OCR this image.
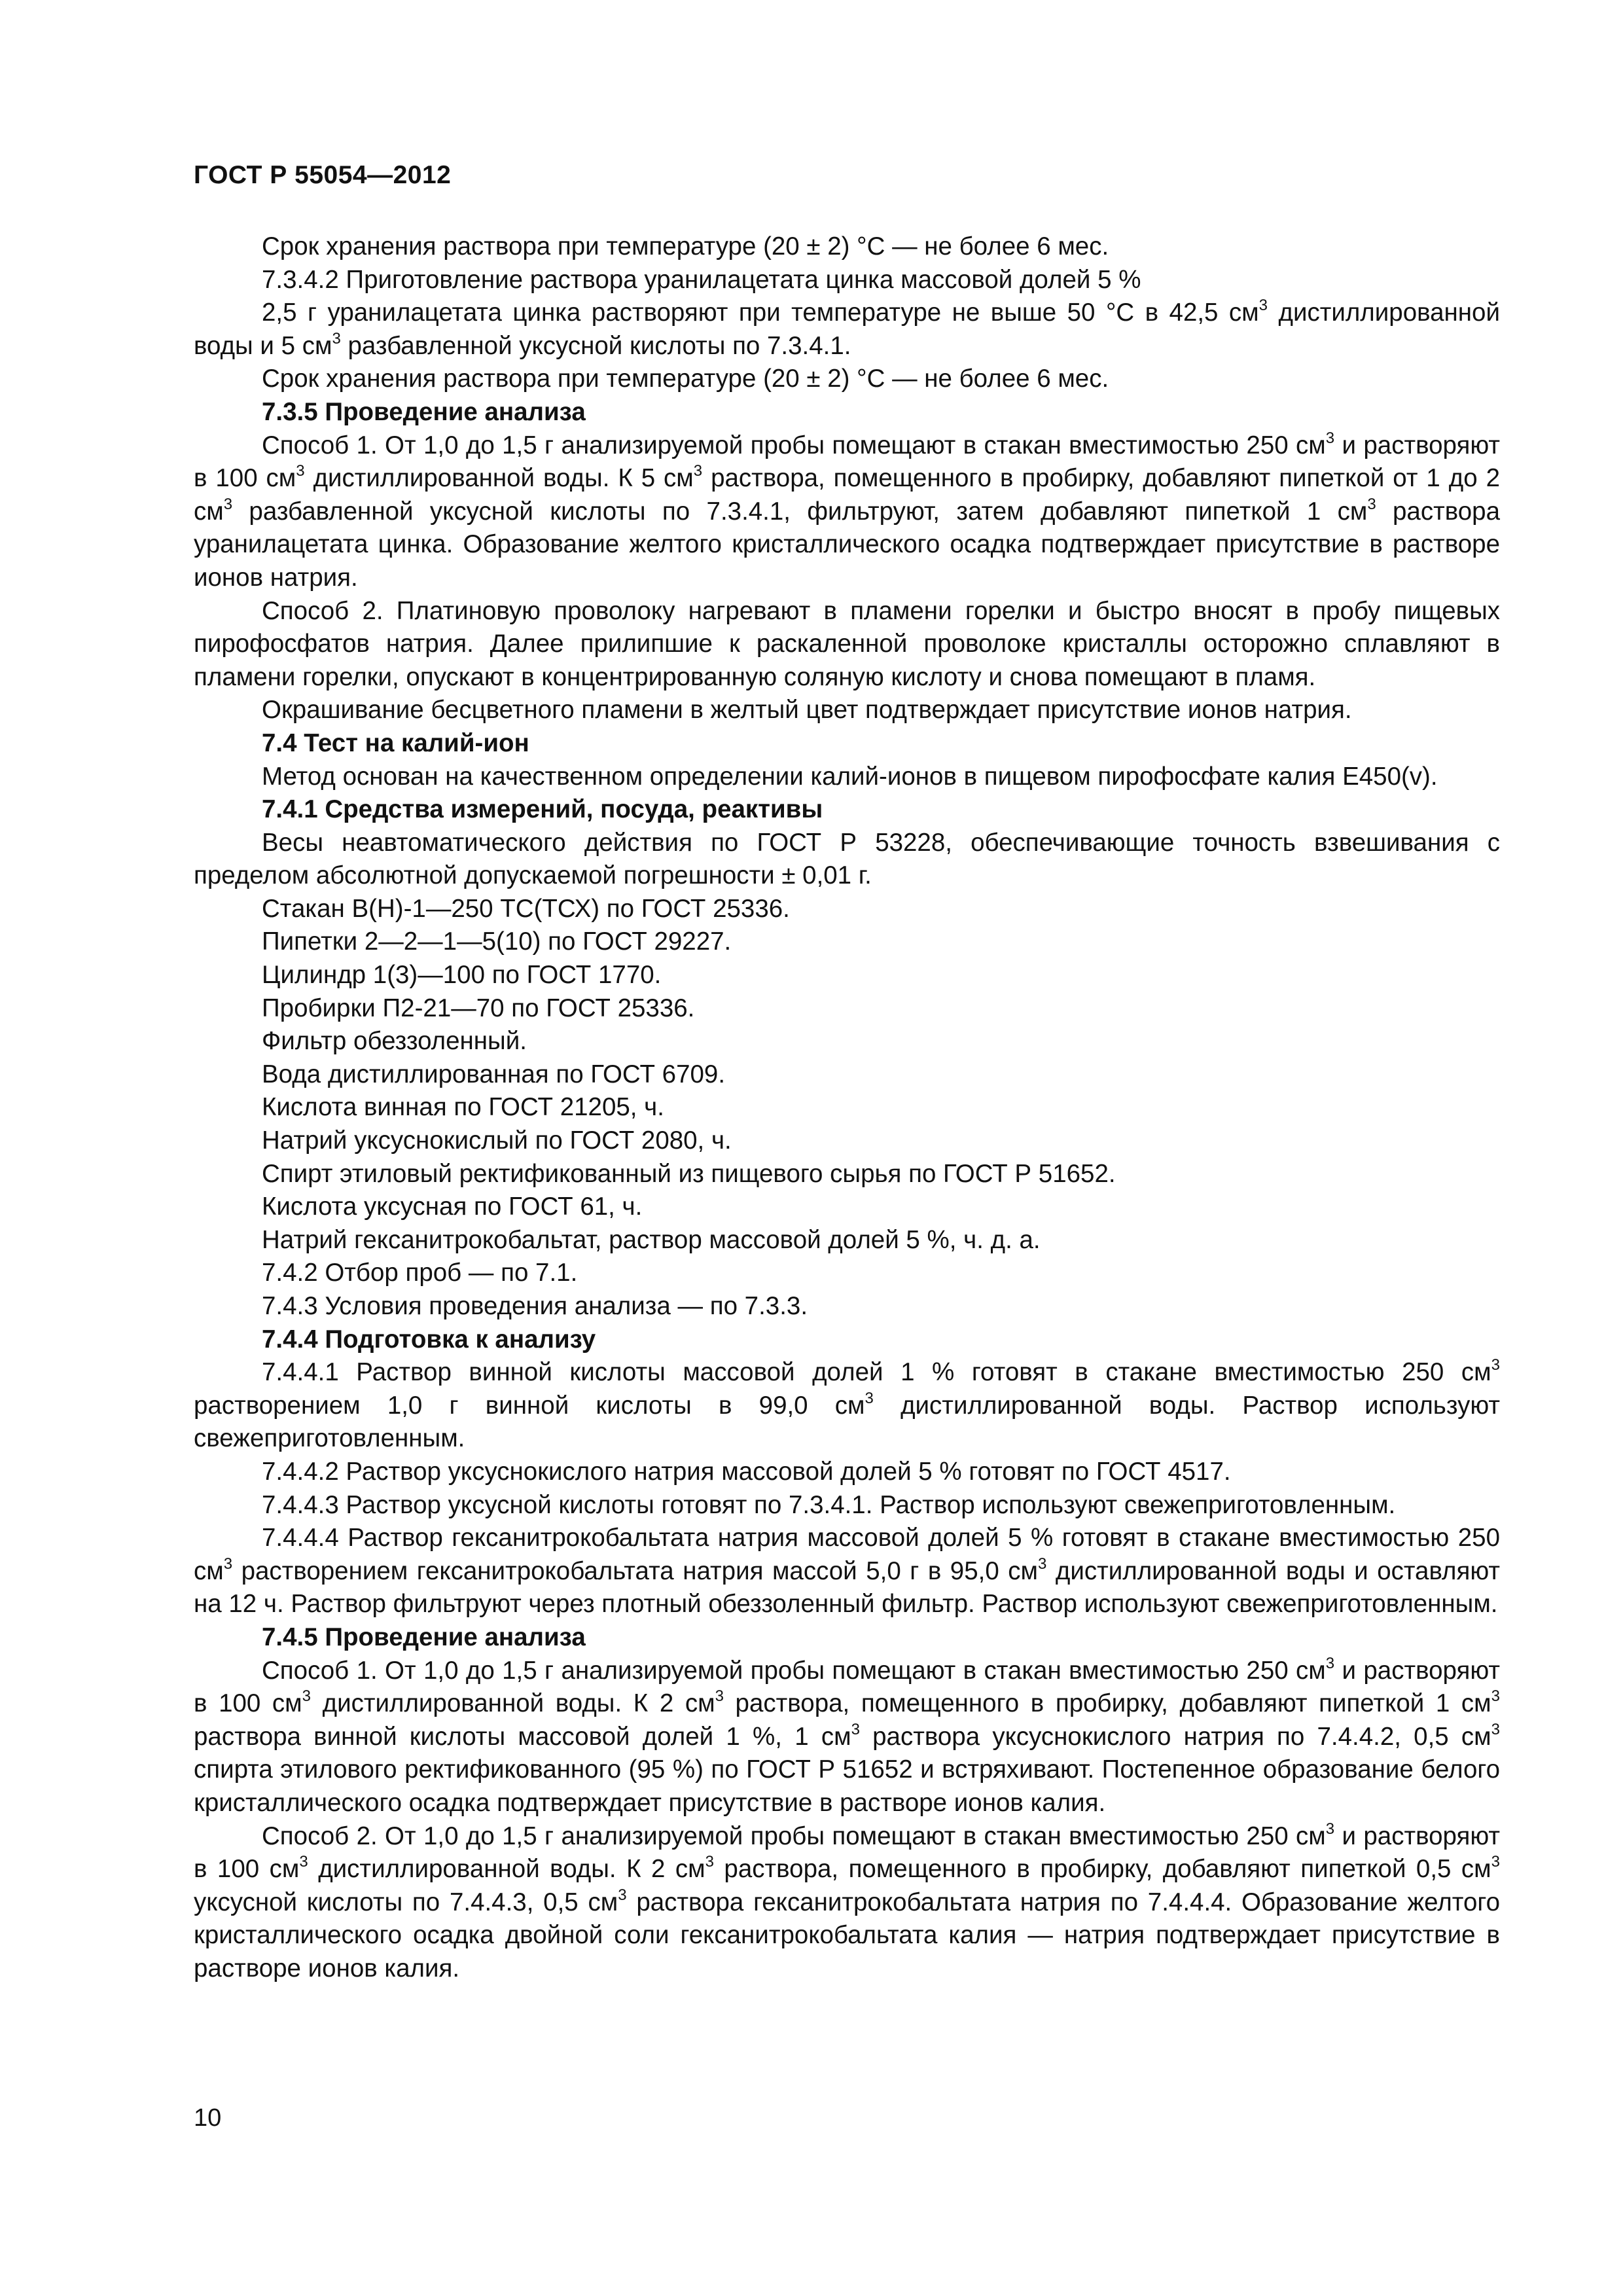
ГОСТ Р 55054—2012

Срок хранения раствора при температуре (20 ± 2) °С — не более 6 мес.

7.3.4.2 Приготовление раствора уранилацетата цинка массовой долей 5 %

2,5 г уранилацетата цинка растворяют при температуре не выше 50 °С в 42,5 $см^3$ дистиллированной воды и 5 $см^3$ разбавленной уксусной кислоты по 7.3.4.1.

Срок хранения раствора при температуре (20 ± 2) °С — не более 6 мес.

7.3.5 Проведение анализа

Способ 1. От 1,0 до 1,5 г анализируемой пробы помещают в стакан вместимостью 250 $см^3$ и растворяют в 100 $см^3$ дистиллированной воды. К 5 $см^3$ раствора, помещенного в пробирку, добавляют пипеткой от 1 до 2 $см^3$ разбавленной уксусной кислоты по 7.3.4.1, фильтруют, затем добавляют пипеткой 1 $см^3$ раствора уранилацетата цинка. Образование желтого кристаллического осадка подтверждает присутствие в растворе ионов натрия.

Способ 2. Платиновую проволоку нагревают в пламени горелки и быстро вносят в пробу пищевых пирофосфатов натрия. Далее прилипшие к раскаленной проволоке кристаллы осторожно сплавляют в пламени горелки, опускают в концентрированную соляную кислоту и снова помещают в пламя.

Окрашивание бесцветного пламени в желтый цвет подтверждает присутствие ионов натрия.

7.4 Тест на калий-ион

Метод основан на качественном определении калий-ионов в пищевом пирофосфате калия Е450(v).

7.4.1 Средства измерений, посуда, реактивы

Весы неавтоматического действия по ГОСТ Р 53228, обеспечивающие точность взвешивания с пределом абсолютной допускаемой погрешности ± 0,01 г.

Стакан В(Н)-1—250 ТС(ТСХ) по ГОСТ 25336.

Пипетки 2—2—1—5(10) по ГОСТ 29227.

Цилиндр 1(3)—100 по ГОСТ 1770.

Пробирки П2-21—70 по ГОСТ 25336.

Фильтр обеззоленный.

Вода дистиллированная по ГОСТ 6709.

Кислота винная по ГОСТ 21205, ч.

Натрий уксуснокислый по ГОСТ 2080, ч.

Спирт этиловый ректификованный из пищевого сырья по ГОСТ Р 51652.

Кислота уксусная по ГОСТ 61, ч.

Натрий гексанитрокобальтат, раствор массовой долей 5 %, ч. д. а.

7.4.2 Отбор проб — по 7.1.

7.4.3 Условия проведения анализа — по 7.3.3.

7.4.4 Подготовка к анализу

7.4.4.1 Раствор винной кислоты массовой долей 1 % готовят в стакане вместимостью 250 $см^3$ растворением 1,0 г винной кислоты в 99,0 $см^3$ дистиллированной воды. Раствор используют свежеприготовленным.

7.4.4.2 Раствор уксуснокислого натрия массовой долей 5 % готовят по ГОСТ 4517.

7.4.4.3 Раствор уксусной кислоты готовят по 7.3.4.1. Раствор используют свежеприготовленным.

7.4.4.4 Раствор гексанитрокобальтата натрия массовой долей 5 % готовят в стакане вместимостью 250 $см^3$ растворением гексанитрокобальтата натрия массой 5,0 г в 95,0 $см^3$ дистиллированной воды и оставляют на 12 ч. Раствор фильтруют через плотный обеззоленный фильтр. Раствор используют свежеприготовленным.

7.4.5 Проведение анализа

Способ 1. От 1,0 до 1,5 г анализируемой пробы помещают в стакан вместимостью 250 $см^3$ и растворяют в 100 $см^3$ дистиллированной воды. К 2 $см^3$ раствора, помещенного в пробирку, добавляют пипеткой 1 $см^3$ раствора винной кислоты массовой долей 1 %, 1 $см^3$ раствора уксуснокислого натрия по 7.4.4.2, 0,5 $см^3$ спирта этилового ректификованного (95 %) по ГОСТ Р 51652 и встряхивают. Постепенное образование белого кристаллического осадка подтверждает присутствие в растворе ионов калия.

Способ 2. От 1,0 до 1,5 г анализируемой пробы помещают в стакан вместимостью 250 $см^3$ и растворяют в 100 $см^3$ дистиллированной воды. К 2 $см^3$ раствора, помещенного в пробирку, добавляют пипеткой 0,5 $см^3$ уксусной кислоты по 7.4.4.3, 0,5 $см^3$ раствора гексанитрокобальтата натрия по 7.4.4.4. Образование желтого кристаллического осадка двойной соли гексанитрокобальтата калия — натрия подтверждает присутствие в растворе ионов калия.

10
